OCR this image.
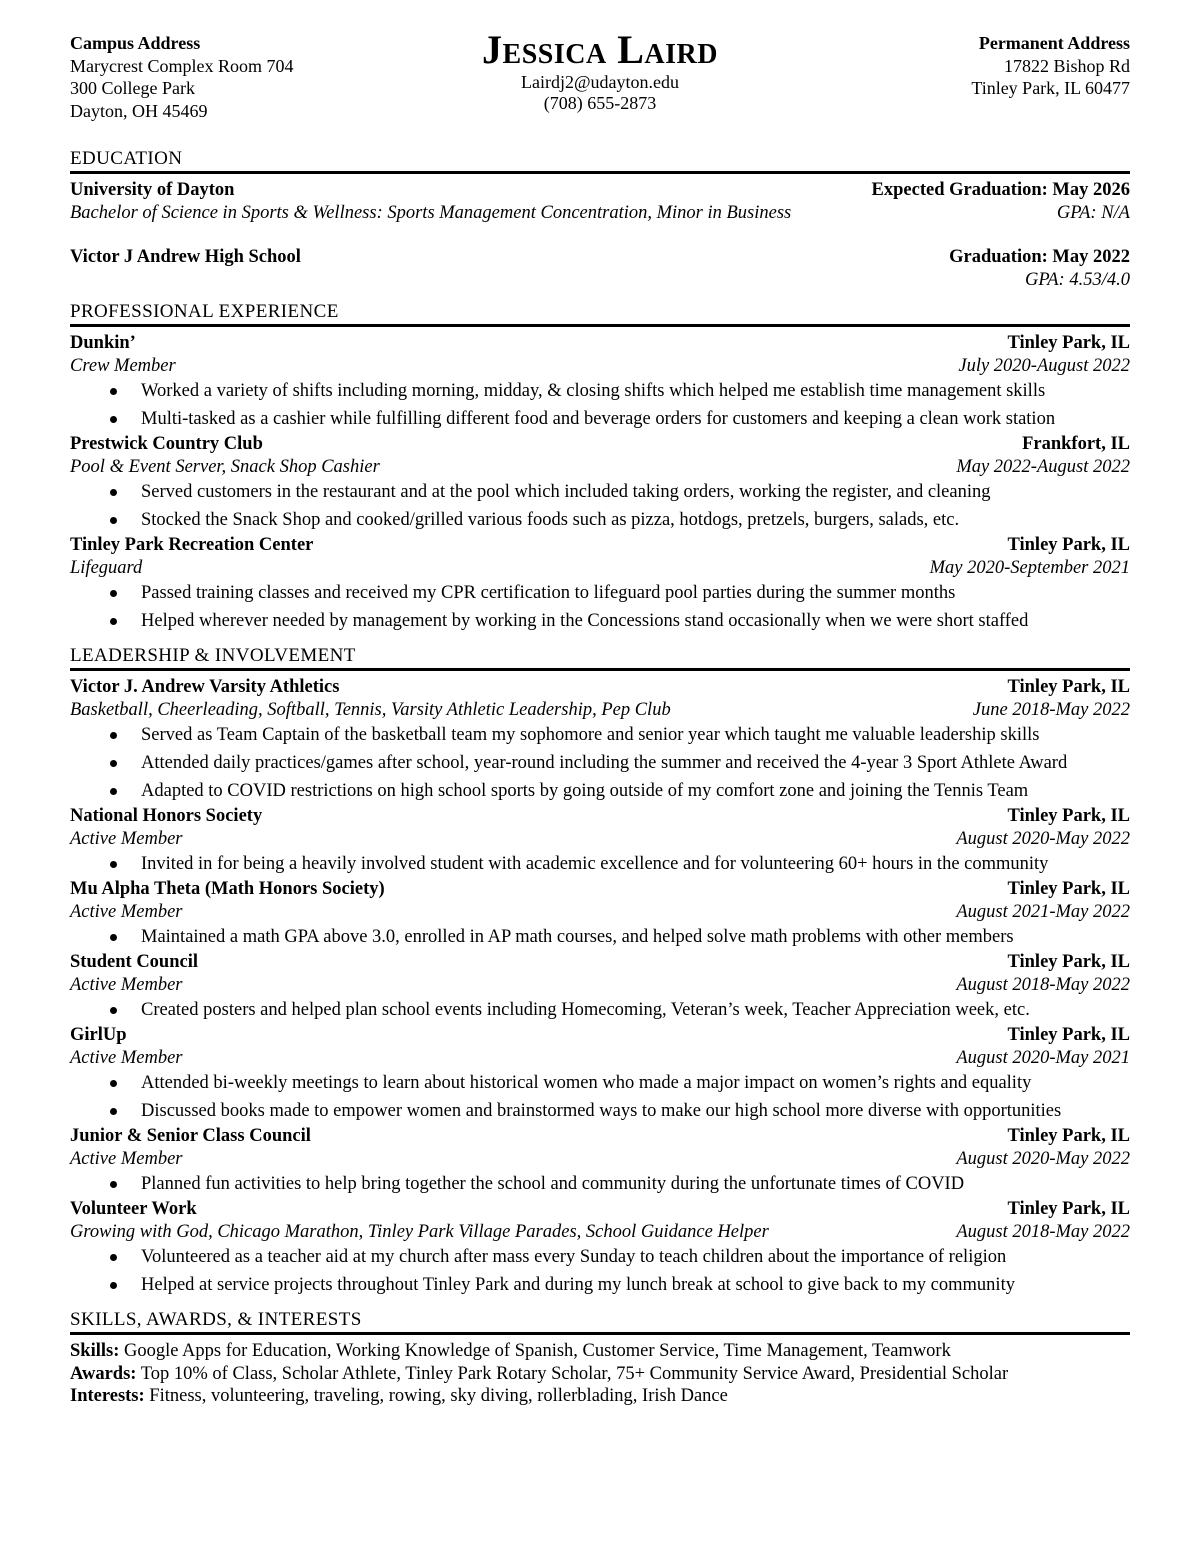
Campus Address
Marycrest Complex Room 704
300 College Park
Dayton, OH 45469
Jessica Laird
Lairdj2@udayton.edu
(708) 655-2873
Permanent Address
17822 Bishop Rd
Tinley Park, IL 60477
EDUCATION
University of Dayton	Expected Graduation: May 2026
Bachelor of Science in Sports & Wellness: Sports Management Concentration, Minor in Business	GPA: N/A
Victor J Andrew High School	Graduation: May 2022
GPA: 4.53/4.0
PROFESSIONAL EXPERIENCE
Dunkin’	Tinley Park, IL
Crew Member	July 2020-August 2022
Worked a variety of shifts including morning, midday, & closing shifts which helped me establish time management skills
Multi-tasked as a cashier while fulfilling different food and beverage orders for customers and keeping a clean work station
Prestwick Country Club	Frankfort, IL
Pool & Event Server, Snack Shop Cashier	May 2022-August 2022
Served customers in the restaurant and at the pool which included taking orders, working the register, and cleaning
Stocked the Snack Shop and cooked/grilled various foods such as pizza, hotdogs, pretzels, burgers, salads, etc.
Tinley Park Recreation Center	Tinley Park, IL
Lifeguard	May 2020-September 2021
Passed training classes and received my CPR certification to lifeguard pool parties during the summer months
Helped wherever needed by management by working in the Concessions stand occasionally when we were short staffed
LEADERSHIP & INVOLVEMENT
Victor J. Andrew Varsity Athletics	Tinley Park, IL
Basketball, Cheerleading, Softball, Tennis, Varsity Athletic Leadership, Pep Club	June 2018-May 2022
Served as Team Captain of the basketball team my sophomore and senior year which taught me valuable leadership skills
Attended daily practices/games after school, year-round including the summer and received the 4-year 3 Sport Athlete Award
Adapted to COVID restrictions on high school sports by going outside of my comfort zone and joining the Tennis Team
National Honors Society	Tinley Park, IL
Active Member	August 2020-May 2022
Invited in for being a heavily involved student with academic excellence and for volunteering 60+ hours in the community
Mu Alpha Theta (Math Honors Society)	Tinley Park, IL
Active Member	August 2021-May 2022
Maintained a math GPA above 3.0, enrolled in AP math courses, and helped solve math problems with other members
Student Council	Tinley Park, IL
Active Member	August 2018-May 2022
Created posters and helped plan school events including Homecoming, Veteran’s week, Teacher Appreciation week, etc.
GirlUp	Tinley Park, IL
Active Member	August 2020-May 2021
Attended bi-weekly meetings to learn about historical women who made a major impact on women’s rights and equality
Discussed books made to empower women and brainstormed ways to make our high school more diverse with opportunities
Junior & Senior Class Council	Tinley Park, IL
Active Member	August 2020-May 2022
Planned fun activities to help bring together the school and community during the unfortunate times of COVID
Volunteer Work	Tinley Park, IL
Growing with God, Chicago Marathon, Tinley Park Village Parades, School Guidance Helper	August 2018-May 2022
Volunteered as a teacher aid at my church after mass every Sunday to teach children about the importance of religion
Helped at service projects throughout Tinley Park and during my lunch break at school to give back to my community
SKILLS, AWARDS, & INTERESTS
Skills: Google Apps for Education, Working Knowledge of Spanish, Customer Service, Time Management, Teamwork
Awards: Top 10% of Class, Scholar Athlete, Tinley Park Rotary Scholar, 75+ Community Service Award, Presidential Scholar
Interests: Fitness, volunteering, traveling, rowing, sky diving, rollerblading, Irish Dance
